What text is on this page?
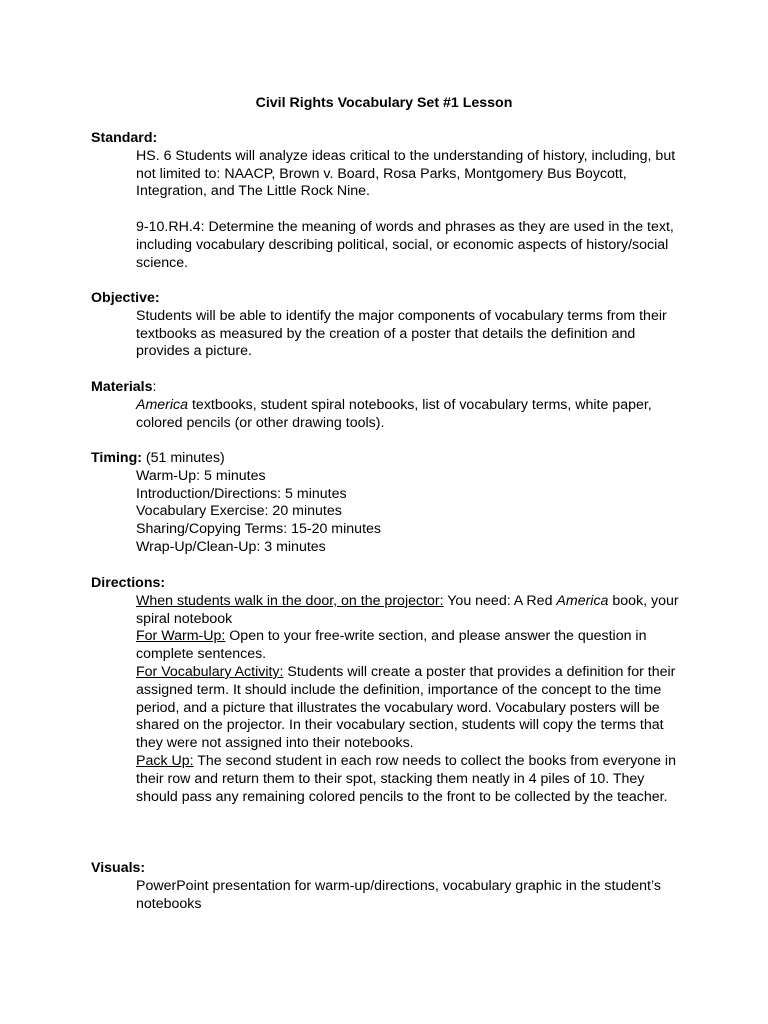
Civil Rights Vocabulary Set #1 Lesson
Standard:
HS. 6 Students will analyze ideas critical to the understanding of history, including, but not limited to: NAACP, Brown v. Board, Rosa Parks, Montgomery Bus Boycott, Integration, and The Little Rock Nine.
9-10.RH.4: Determine the meaning of words and phrases as they are used in the text, including vocabulary describing political, social, or economic aspects of history/social science.
Objective:
Students will be able to identify the major components of vocabulary terms from their textbooks as measured by the creation of a poster that details the definition and provides a picture.
Materials:
America textbooks, student spiral notebooks, list of vocabulary terms, white paper, colored pencils (or other drawing tools).
Timing: (51 minutes)
Warm-Up: 5 minutes
Introduction/Directions: 5 minutes
Vocabulary Exercise: 20 minutes
Sharing/Copying Terms: 15-20 minutes
Wrap-Up/Clean-Up: 3 minutes
Directions:
When students walk in the door, on the projector: You need: A Red America book, your spiral notebook
For Warm-Up: Open to your free-write section, and please answer the question in complete sentences.
For Vocabulary Activity: Students will create a poster that provides a definition for their assigned term. It should include the definition, importance of the concept to the time period, and a picture that illustrates the vocabulary word. Vocabulary posters will be shared on the projector. In their vocabulary section, students will copy the terms that they were not assigned into their notebooks.
Pack Up: The second student in each row needs to collect the books from everyone in their row and return them to their spot, stacking them neatly in 4 piles of 10. They should pass any remaining colored pencils to the front to be collected by the teacher.
Visuals:
PowerPoint presentation for warm-up/directions, vocabulary graphic in the student’s notebooks
